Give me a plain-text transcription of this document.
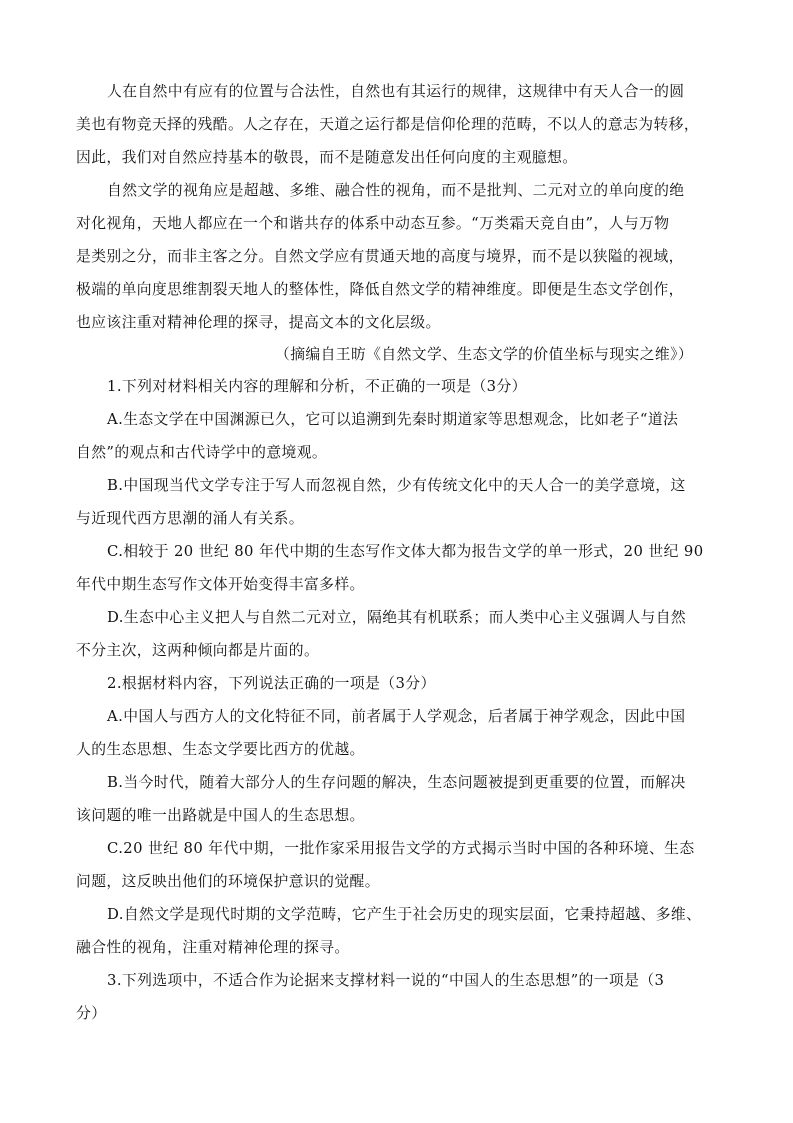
人在自然中有应有的位置与合法性，自然也有其运行的规律，这规律中有天人合一的圆
美也有物竞天择的残酷。人之存在，天道之运行都是信仰伦理的范畴，不以人的意志为转移，
因此，我们对自然应持基本的敬畏，而不是随意发出任何向度的主观臆想。
自然文学的视角应是超越、多维、融合性的视角，而不是批判、二元对立的单向度的绝
对化视角，天地人都应在一个和谐共存的体系中动态互参。“万类霜天竞自由”，人与万物
是类别之分，而非主客之分。自然文学应有贯通天地的高度与境界，而不是以狭隘的视域，
极端的单向度思维割裂天地人的整体性，降低自然文学的精神维度。即便是生态文学创作，
也应该注重对精神伦理的探寻，提高文本的文化层级。
（摘编自王昉《自然文学、生态文学的价值坐标与现实之维》）
1.下列对材料相关内容的理解和分析，不正确的一项是（3分）
A.生态文学在中国渊源已久，它可以追溯到先秦时期道家等思想观念，比如老子“道法
自然”的观点和古代诗学中的意境观。
B.中国现当代文学专注于写人而忽视自然，少有传统文化中的天人合一的美学意境，这
与近现代西方思潮的涌人有关系。
C.相较于 20 世纪 80 年代中期的生态写作文体大都为报告文学的单一形式，20 世纪 90
年代中期生态写作文体开始变得丰富多样。
D.生态中心主义把人与自然二元对立，隔绝其有机联系；而人类中心主义强调人与自然
不分主次，这两种倾向都是片面的。
2.根据材料内容，下列说法正确的一项是（3分）
A.中国人与西方人的文化特征不同，前者属于人学观念，后者属于神学观念，因此中国
人的生态思想、生态文学要比西方的优越。
B.当今时代，随着大部分人的生存问题的解决，生态问题被提到更重要的位置，而解决
该问题的唯一出路就是中国人的生态思想。
C.20 世纪 80 年代中期，一批作家采用报告文学的方式揭示当时中国的各种环境、生态
问题，这反映出他们的环境保护意识的觉醒。
D.自然文学是现代时期的文学范畴，它产生于社会历史的现实层面，它秉持超越、多维、
融合性的视角，注重对精神伦理的探寻。
3.下列选项中，不适合作为论据来支撑材料一说的“中国人的生态思想”的一项是（3
分）
